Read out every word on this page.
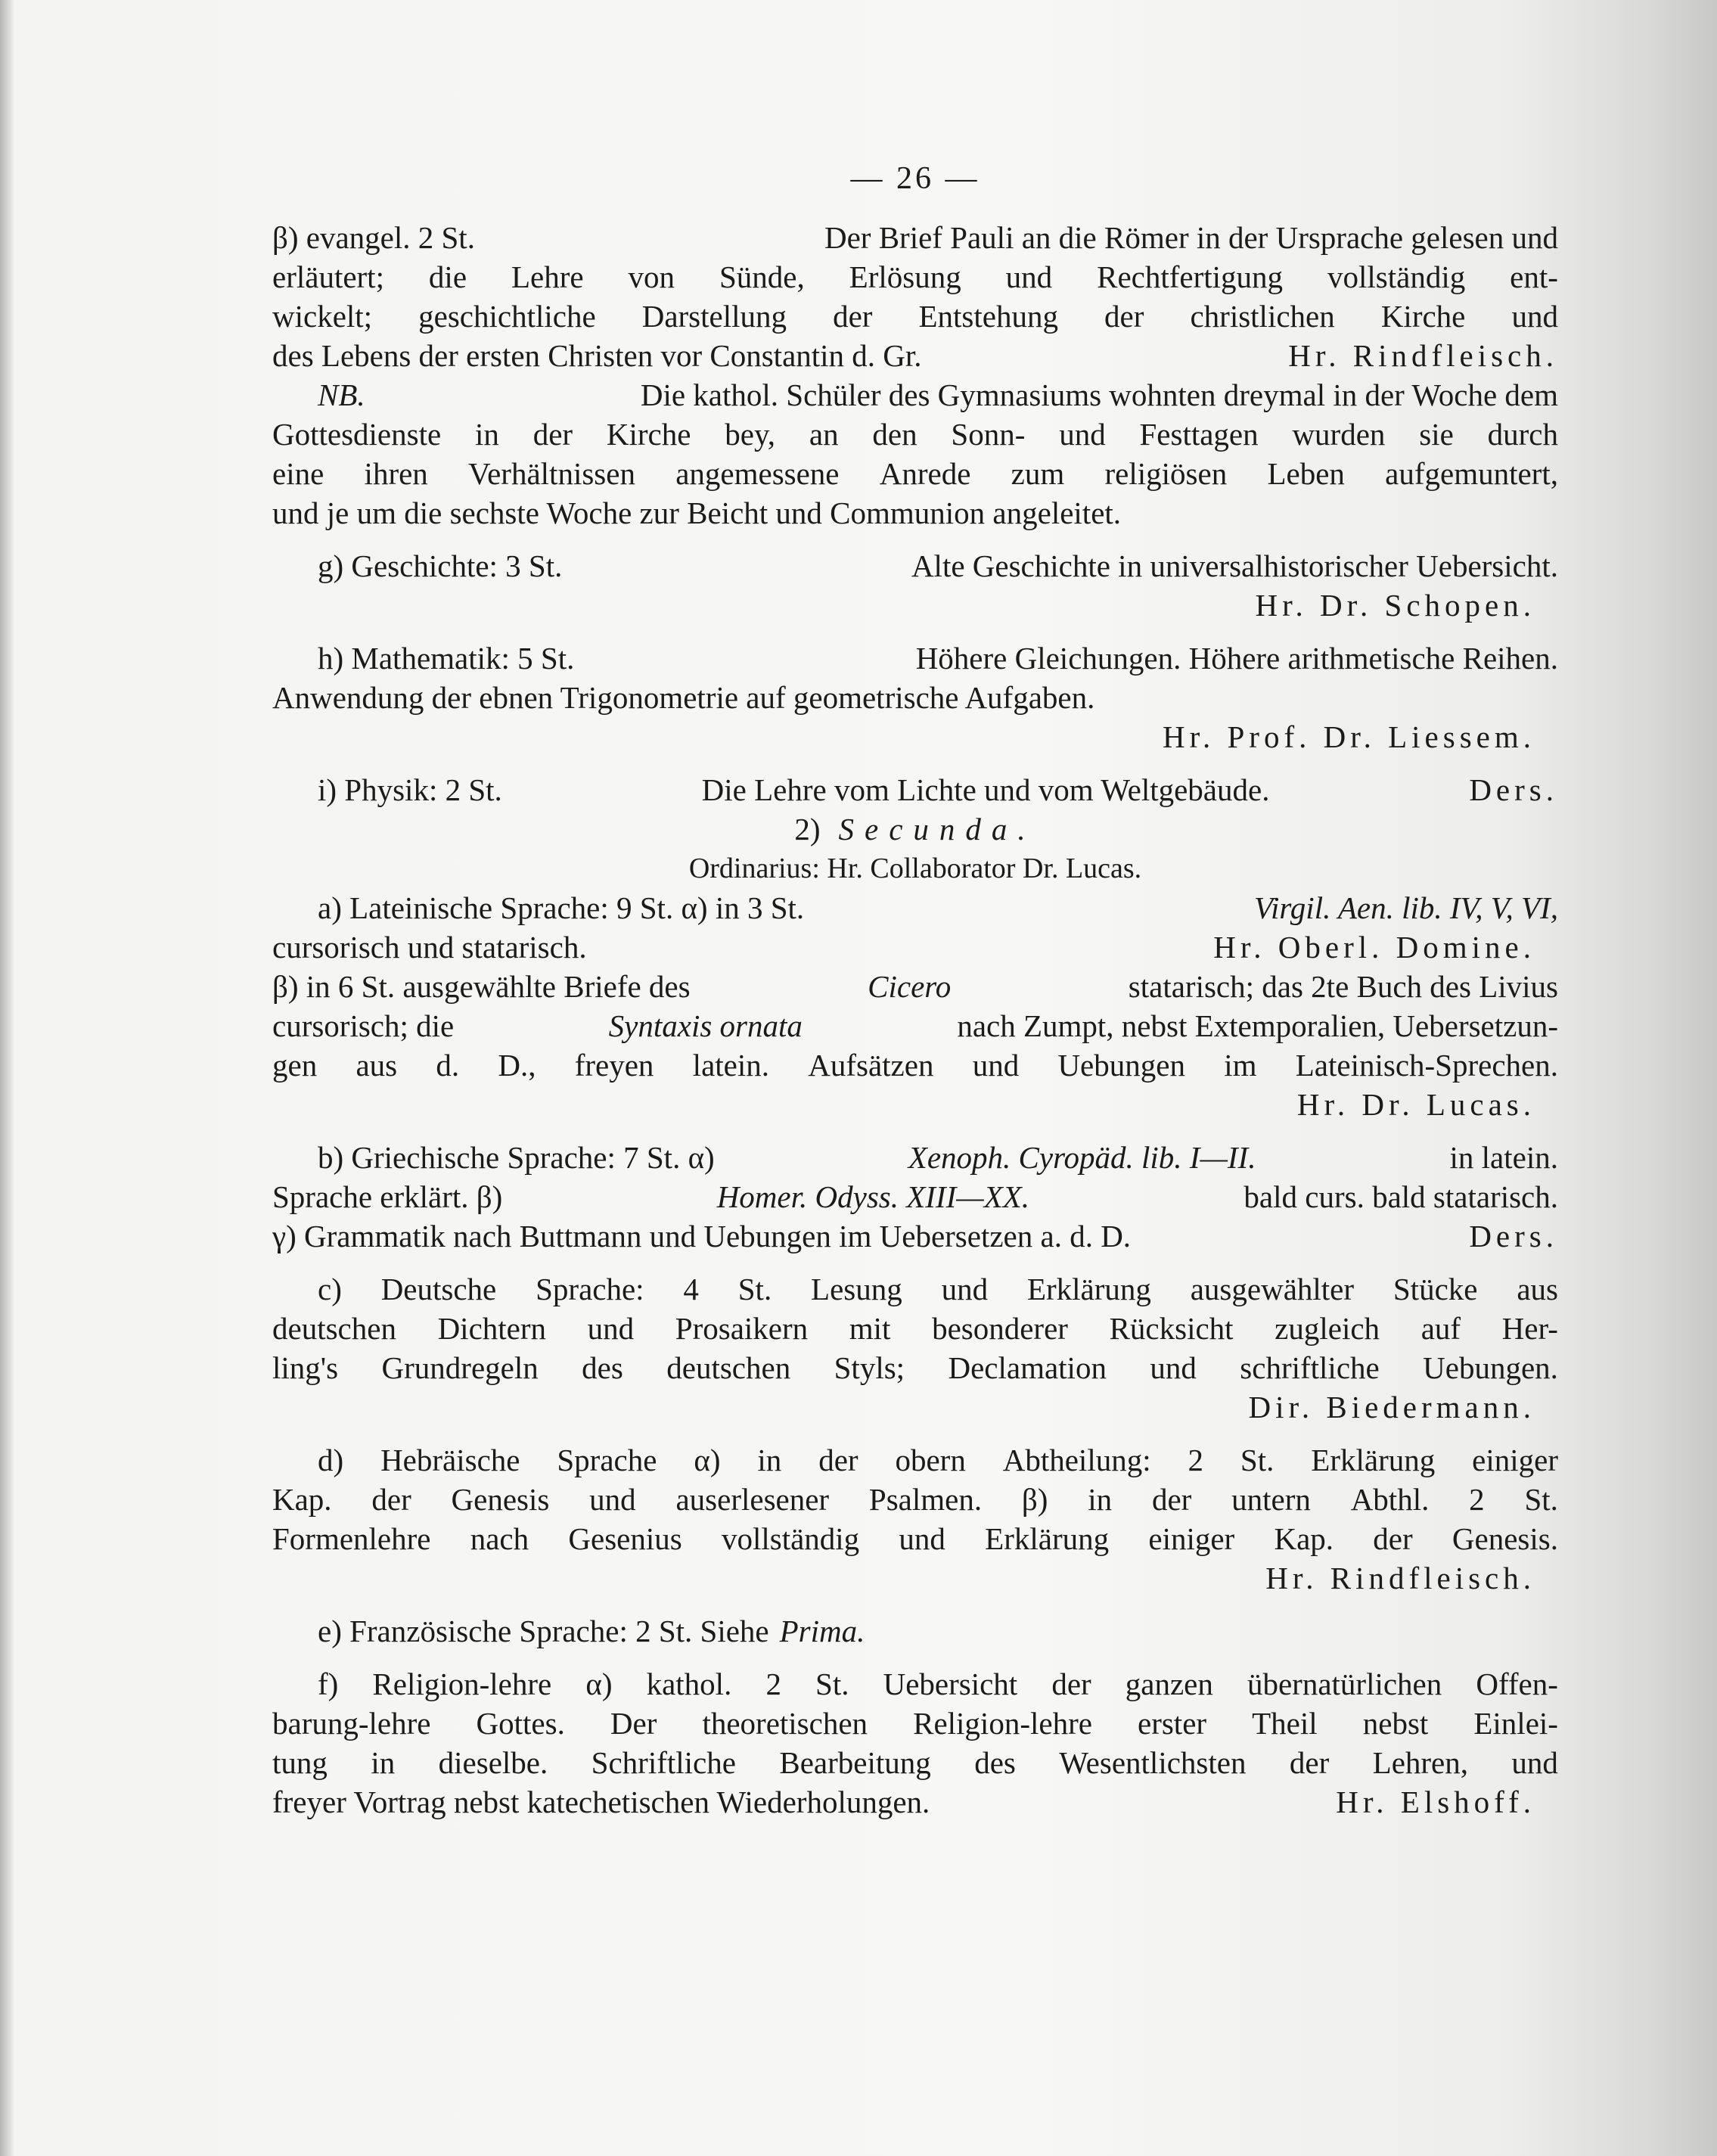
— 26 —
β) evangel. 2 St.	Der Brief Pauli an die Römer in der Ursprache gelesen und
erläutert; die Lehre von Sünde, Erlösung und Rechtfertigung vollständig ent-
wickelt; geschichtliche Darstellung der Entstehung der christlichen Kirche und
des Lebens der ersten Christen vor Constantin d. Gr.	Hr. Rindfleisch.
NB.	Die kathol. Schüler des Gymnasiums wohnten dreymal in der Woche dem
Gottesdienste in der Kirche bey, an den Sonn- und Festtagen wurden sie durch
eine ihren Verhältnissen angemessene Anrede zum religiösen Leben aufgemuntert,
und je um die sechste Woche zur Beicht und Communion angeleitet.
g) Geschichte: 3 St.	Alte Geschichte in universalhistorischer Uebersicht.
Hr. Dr. Schopen.
h) Mathematik: 5 St.	Höhere Gleichungen. Höhere arithmetische Reihen.
Anwendung der ebnen Trigonometrie auf geometrische Aufgaben.
Hr. Prof. Dr. Liessem.
i) Physik: 2 St.	Die Lehre vom Lichte und vom Weltgebäude.	Ders.
2) Secunda.
Ordinarius: Hr. Collaborator Dr. Lucas.
a) Lateinische Sprache: 9 St. α) in 3 St.	Virgil. Aen. lib. IV, V, VI,
cursorisch und statarisch.	Hr. Oberl. Domine.
β) in 6 St. ausgewählte Briefe des	Cicero	statarisch; das 2te Buch des Livius
cursorisch; die	Syntaxis ornata	nach Zumpt, nebst Extemporalien, Uebersetzun-
gen aus d. D., freyen latein. Aufsätzen und Uebungen im Lateinisch-Sprechen.
Hr. Dr. Lucas.
b) Griechische Sprache: 7 St. α)	Xenoph. Cyropäd. lib. I—II.	in latein.
Sprache erklärt. β)	Homer. Odyss. XIII—XX.	bald curs. bald statarisch.
γ) Grammatik nach Buttmann und Uebungen im Uebersetzen a. d. D.	Ders.
c) Deutsche Sprache: 4 St. Lesung und Erklärung ausgewählter Stücke aus
deutschen Dichtern und Prosaikern mit besonderer Rücksicht zugleich auf Her-
ling's Grundregeln des deutschen Styls; Declamation und schriftliche Uebungen.
Dir. Biedermann.
d) Hebräische Sprache α) in der obern Abtheilung: 2 St. Erklärung einiger
Kap. der Genesis und auserlesener Psalmen. β) in der untern Abthl. 2 St.
Formenlehre nach Gesenius vollständig und Erklärung einiger Kap. der Genesis.
Hr. Rindfleisch.
e) Französische Sprache: 2 St. Siehe Prima.
f) Religion-lehre α) kathol. 2 St. Uebersicht der ganzen übernatürlichen Offen-
barung-lehre Gottes. Der theoretischen Religion-lehre erster Theil nebst Einlei-
tung in dieselbe. Schriftliche Bearbeitung des Wesentlichsten der Lehren, und
freyer Vortrag nebst katechetischen Wiederholungen.	Hr. Elshoff.
